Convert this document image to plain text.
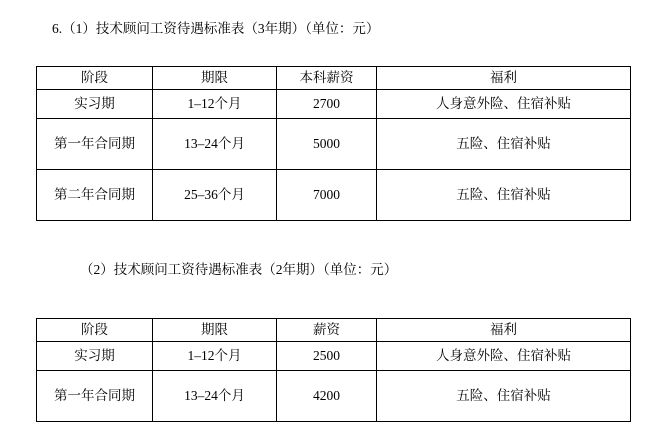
6.（1）技术顾问工资待遇标准表（3年期）（单位：元）
阶段	期限	本科薪资	福利
实习期	1–12个月	2700	人身意外险、住宿补贴
第一年合同期	13–24个月	5000	五险、住宿补贴
第二年合同期	25–36个月	7000	五险、住宿补贴
（2）技术顾问工资待遇标准表（2年期）（单位：元）
阶段	期限	薪资	福利
实习期	1–12个月	2500	人身意外险、住宿补贴
第一年合同期	13–24个月	4200	五险、住宿补贴
